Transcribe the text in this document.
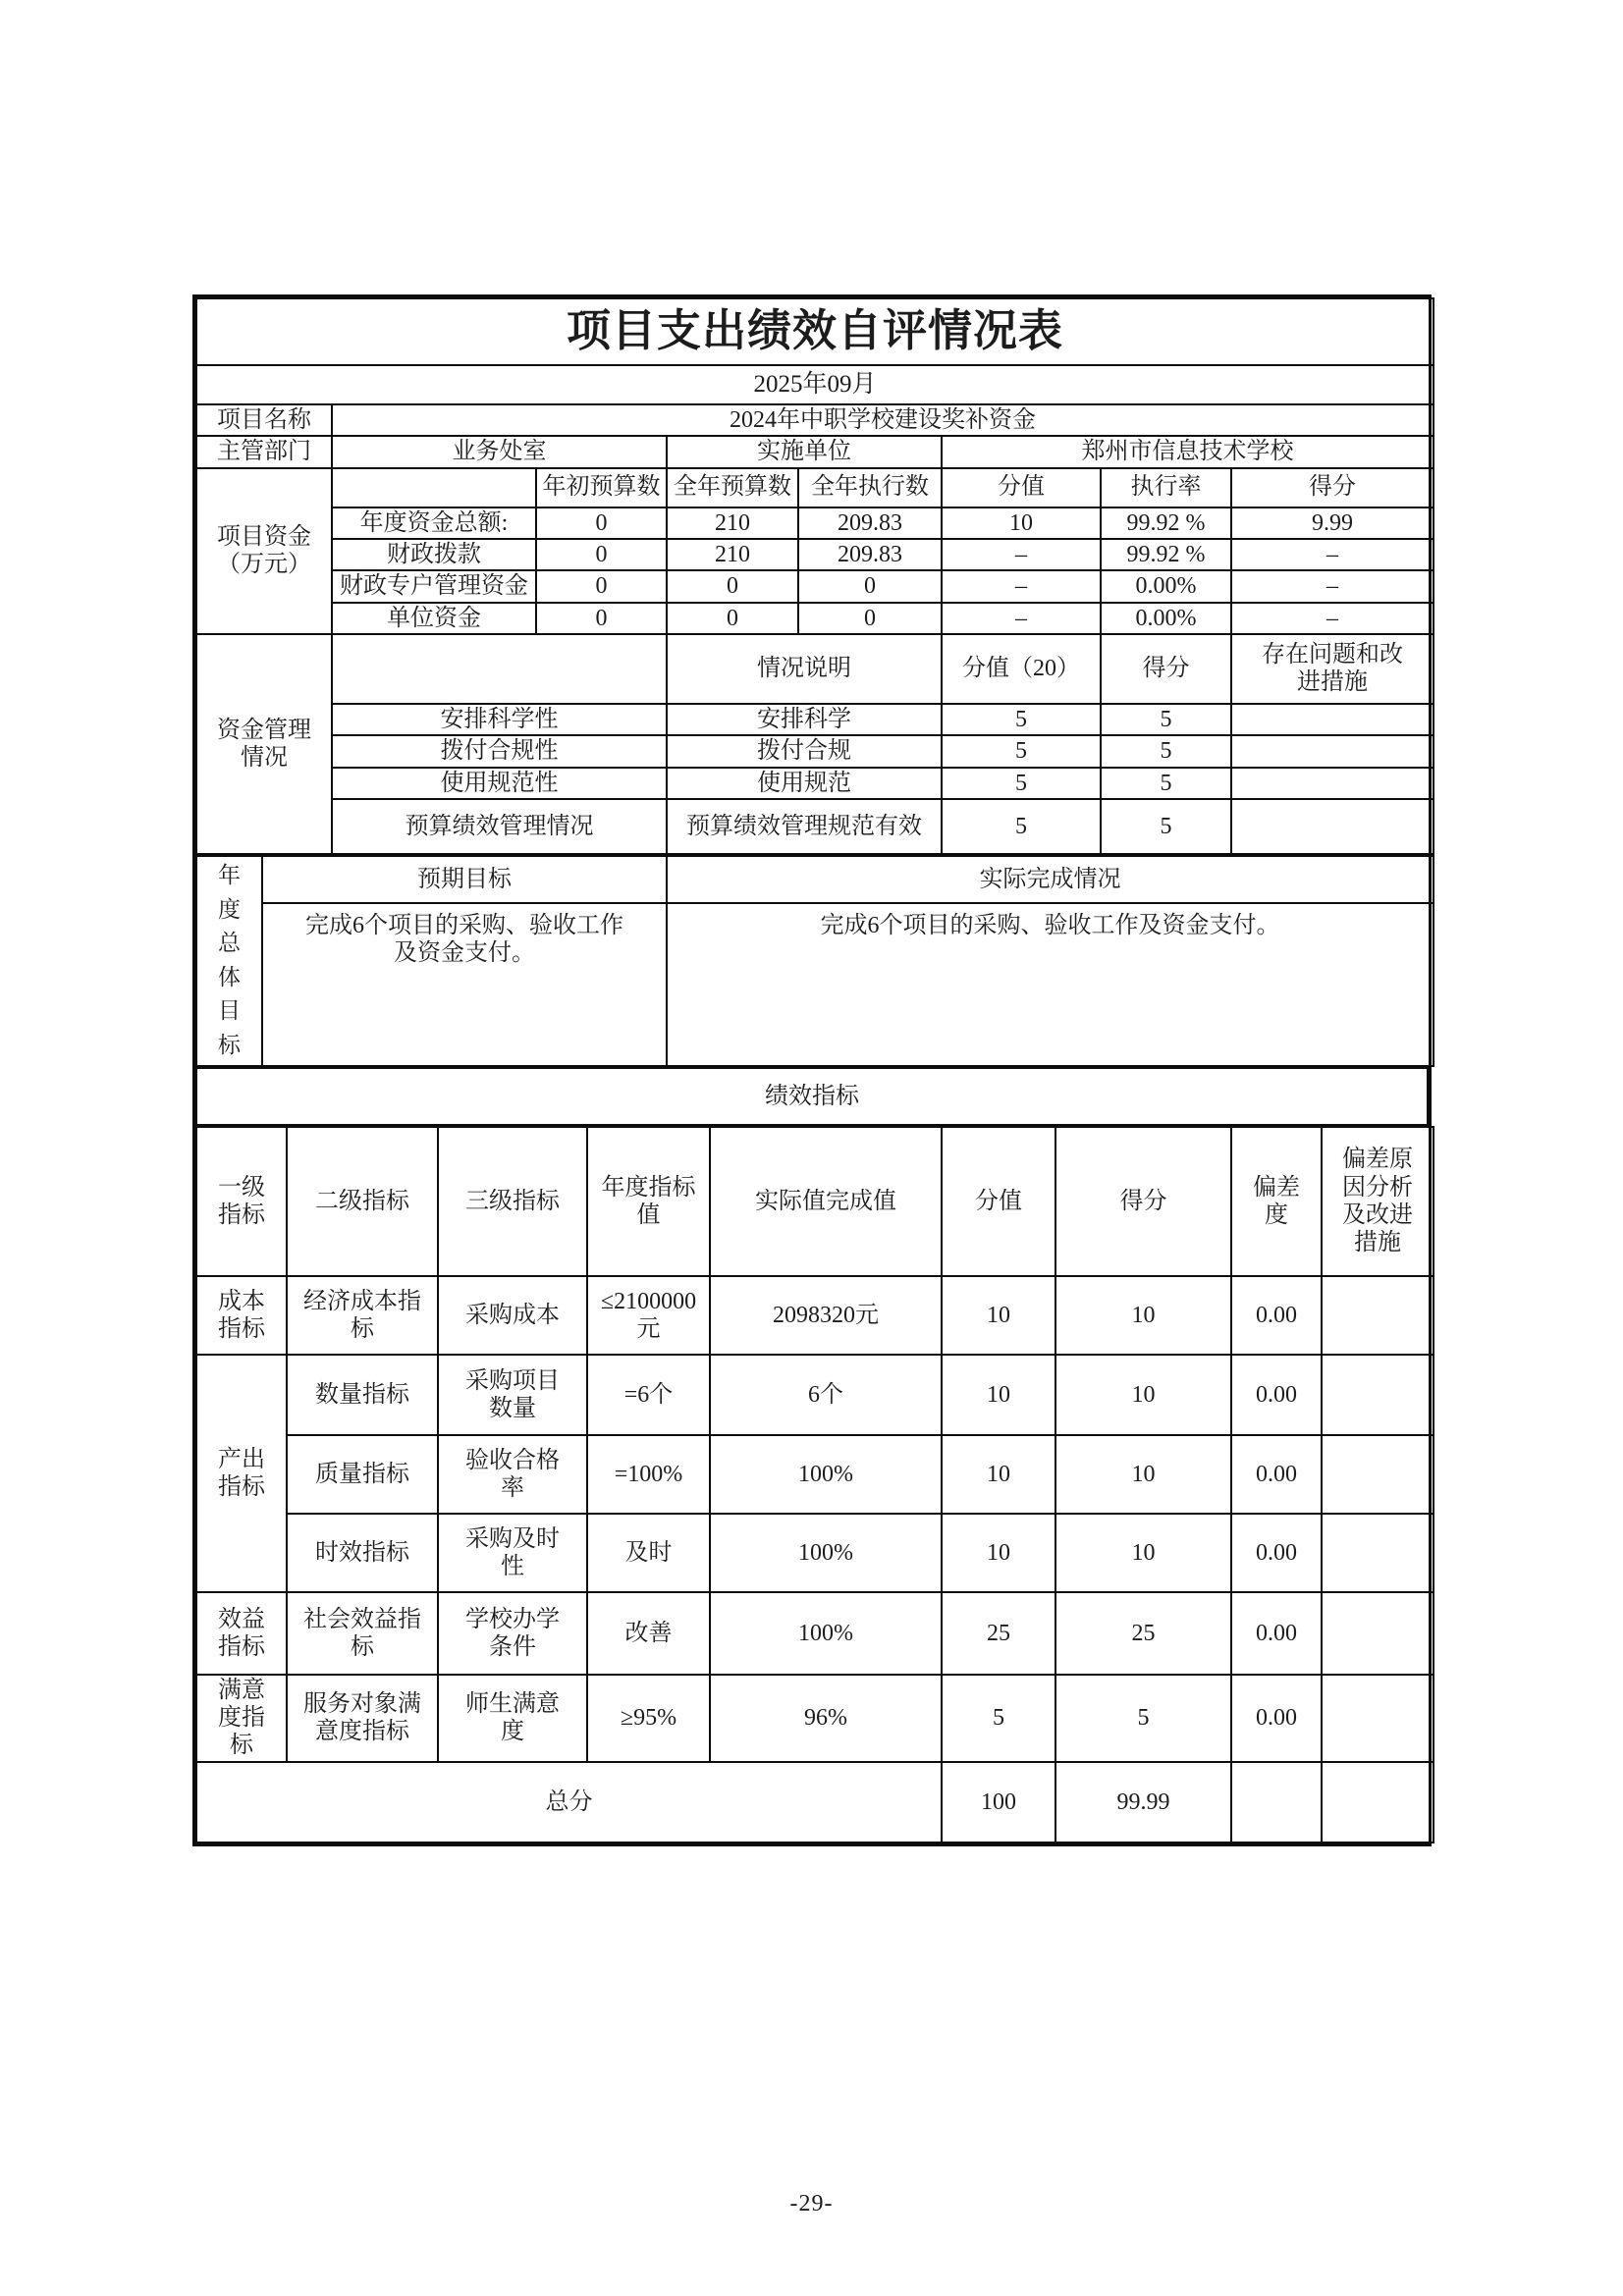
项目支出绩效自评情况表							
2025年09月							
项目名称	2024年中职学校建设奖补资金						
主管部门	业务处室		实施单位		郑州市信息技术学校		

项目资金（万元）		年初预算数	全年预算数	全年执行数	分值	执行率	得分
	年度资金总额:	0	210	209.83	10	99.92 %	9.99
	财政拨款	0	210	209.83	–	99.92 %	–
	财政专户管理资金	0	0	0	–	0.00%	–
	单位资金	0	0	0	–	0.00%	–

资金管理情况			情况说明		分值（20）	得分	存在问题和改进措施

	安排科学性		安排科学		5	5	
	拨付合规性		拨付合规		5	5	
	使用规范性		使用规范		5	5	
	预算绩效管理情况		预算绩效管理规范有效		5	5	
年度总体目标	预期目标	实际完成情况

	完成6个项目的采购、验收工作及资金支付。	完成6个项目的采购、验收工作及资金支付。
绩效指标
一级指标	二级指标	三级指标	年度指标值	实际值完成值	分值	得分	偏差度	偏差原因分析及改进措施

成本指标	经济成本指标	采购成本	≤2100000元	2098320元	10	10	0.00	

产出指标	数量指标	采购项目数量	=6个	6个	10	10	0.00	

	质量指标	验收合格率	=100%	100%	10	10	0.00	

	时效指标	采购及时性	及时	100%	10	10	0.00	

效益指标	社会效益指标	学校办学条件	改善	100%	25	25	0.00	

满意度指标	服务对象满意度指标	师生满意度	≥95%	96%	5	5	0.00	
总分					100	99.99		
-29-
